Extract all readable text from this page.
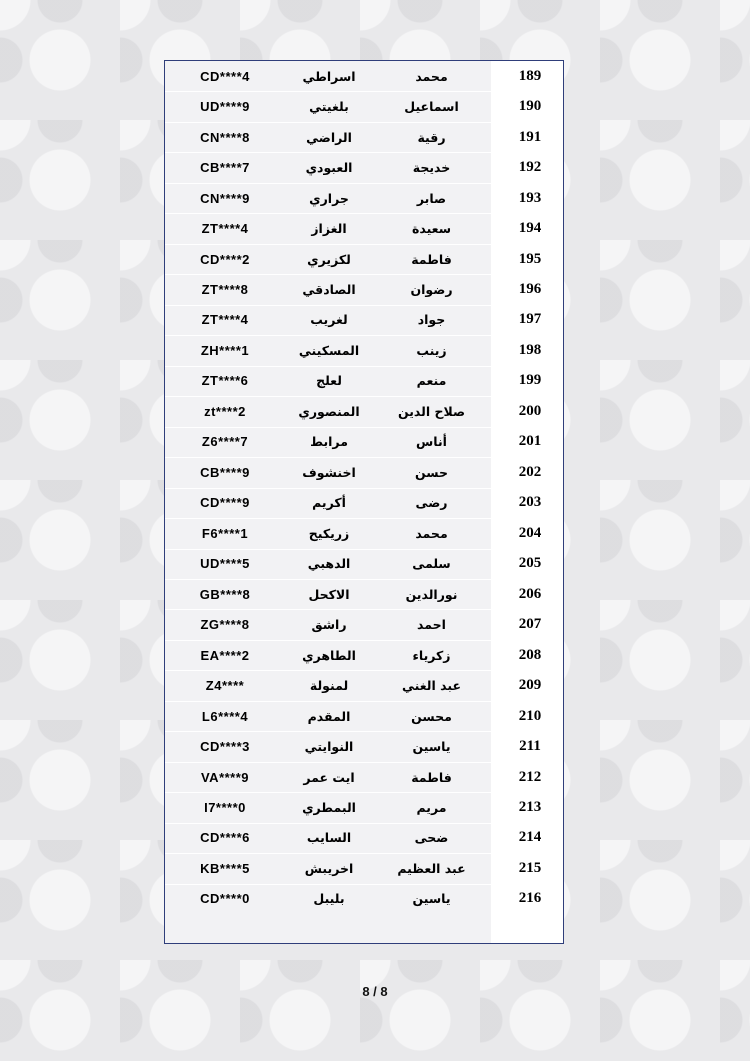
CD****4	اسراطي	محمد	189
UD****9	بلغيتي	اسماعيل	190
CN****8	الراضي	رقية	191
CB****7	العبودي	خديجة	192
CN****9	جراري	صابر	193
ZT****4	الغزاز	سعيدة	194
CD****2	لكزيري	فاطمة	195
ZT****8	الصادقي	رضوان	196
ZT****4	لغريب	جواد	197
ZH****1	المسكيني	زينب	198
ZT****6	لعلج	منعم	199
zt****2	المنصوري	صلاح الدين	200
Z6****7	مرابط	أناس	201
CB****9	اخنشوف	حسن	202
CD****9	أكريم	رضى	203
F6****1	زريكيح	محمد	204
UD****5	الدهبي	سلمى	205
GB****8	الاكحل	نورالدين	206
ZG****8	راشق	احمد	207
EA****2	الطاهري	زكرياء	208
Z4****	لمنولة	عبد الغني	209
L6****4	المقدم	محسن	210
CD****3	النوايتي	ياسين	211
VA****9	ايت عمر	فاطمة	212
I7****0	البمطري	مريم	213
CD****6	السايب	ضحى	214
KB****5	اخريبش	عبد العظيم	215
CD****0	بليبل	ياسين	216
8 / 8
